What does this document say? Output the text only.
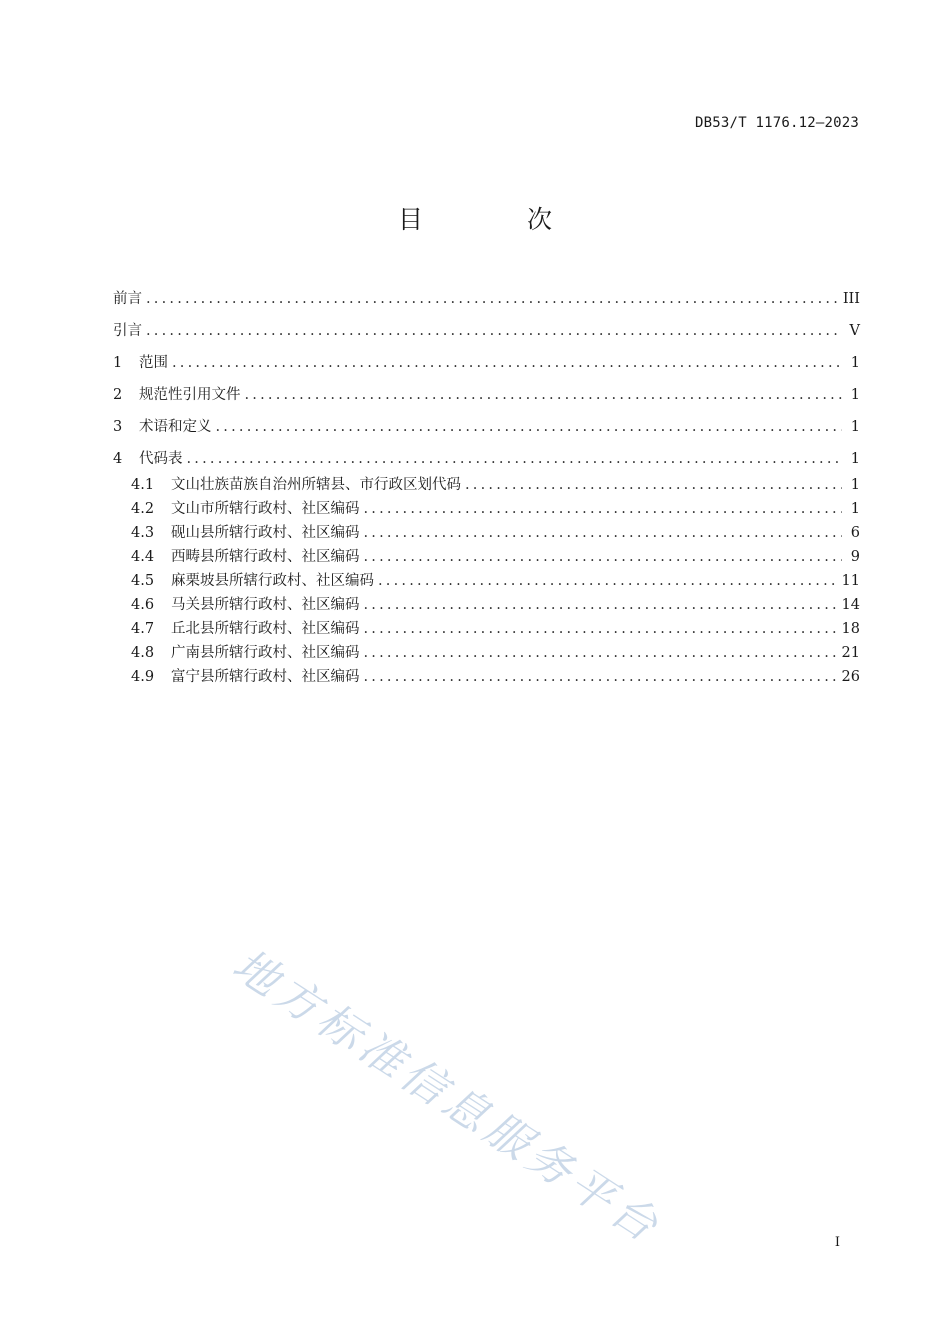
DB53/T 1176.12—2023
目 次
前言 .....	III
引言 .....	V
1	范围 .....	1
2	规范性引用文件 .....	1
3	术语和定义 .....	1
4	代码表 .....	1
4.1	文山壮族苗族自治州所辖县、市行政区划代码 .....	1
4.2	文山市所辖行政村、社区编码 .....	1
4.3	砚山县所辖行政村、社区编码 .....	6
4.4	西畴县所辖行政村、社区编码 .....	9
4.5	麻栗坡县所辖行政村、社区编码 .....	11
4.6	马关县所辖行政村、社区编码 .....	14
4.7	丘北县所辖行政村、社区编码 .....	18
4.8	广南县所辖行政村、社区编码 .....	21
4.9	富宁县所辖行政村、社区编码 .....	26
地方标准信息服务平台	I
